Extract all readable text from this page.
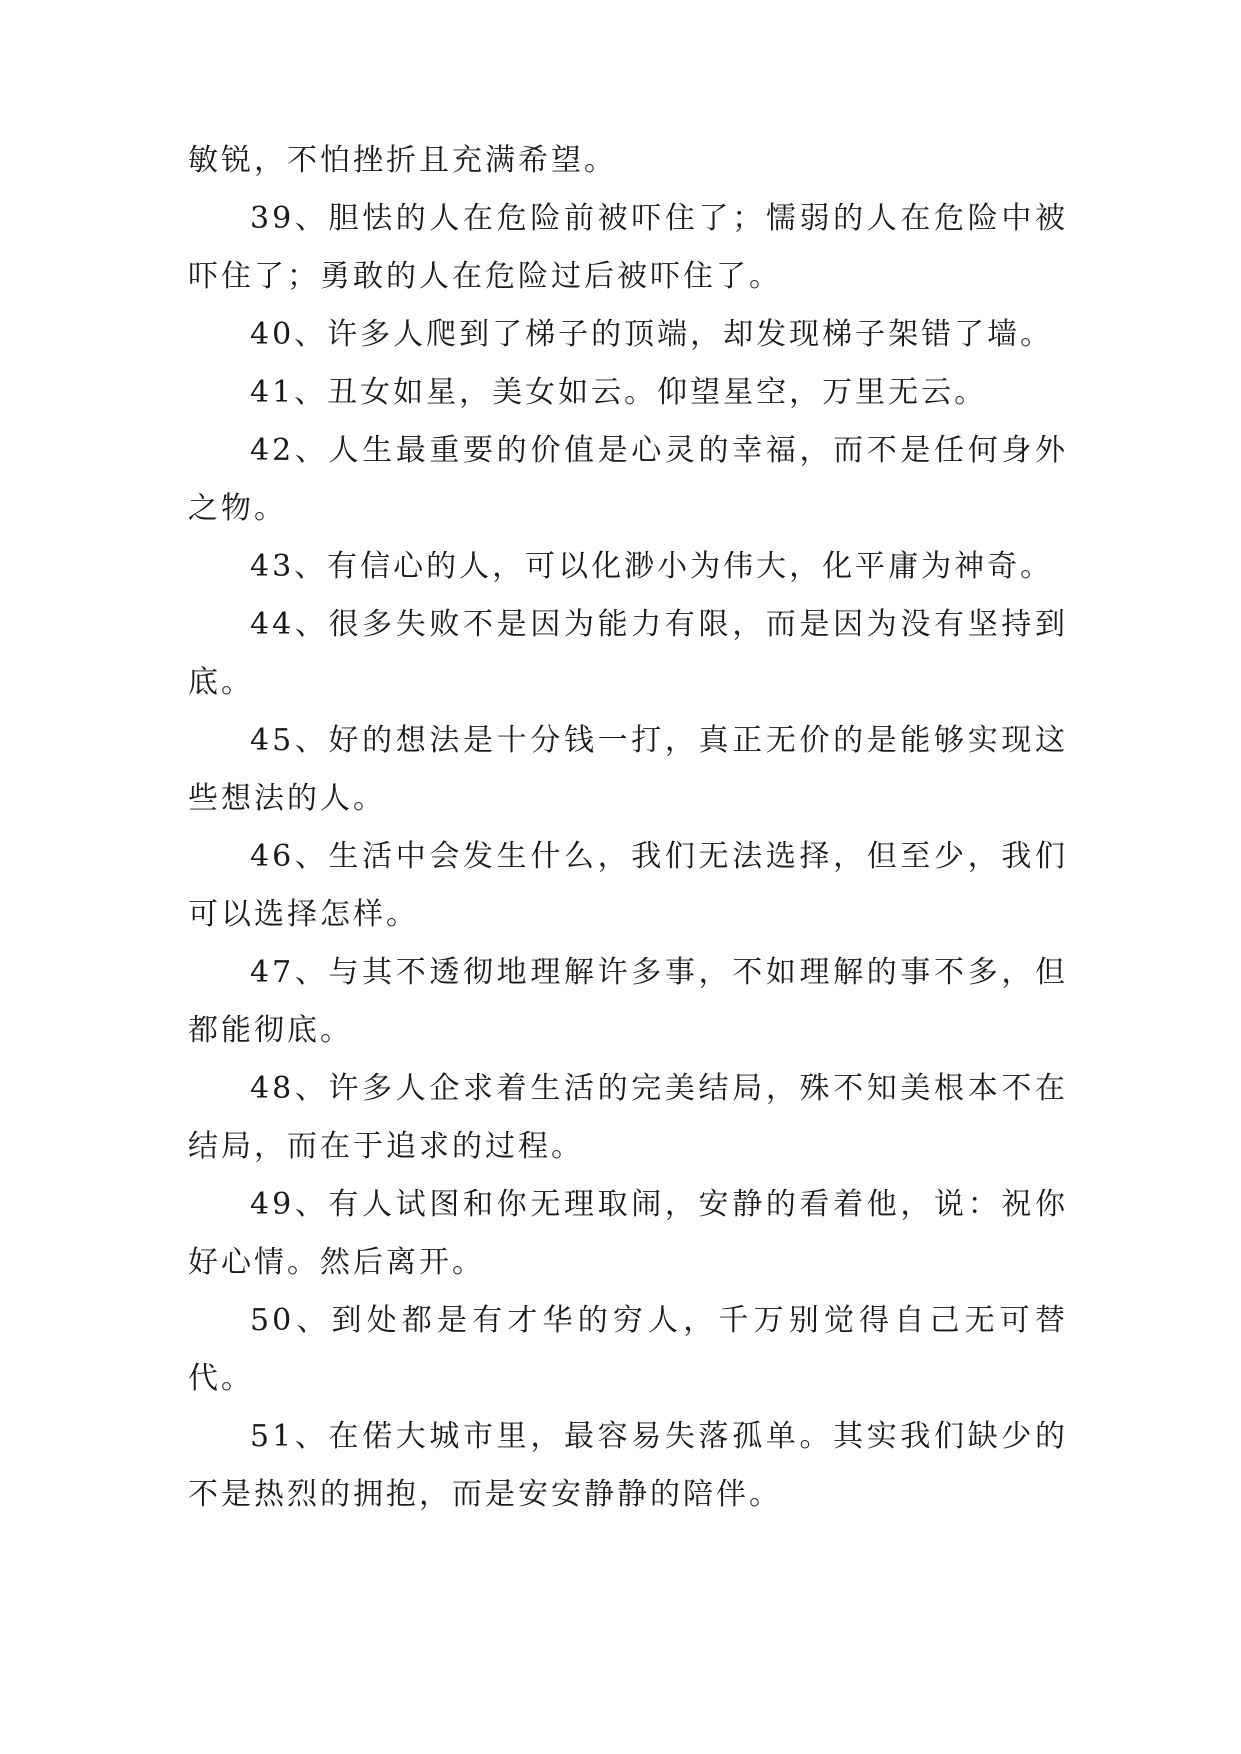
敏锐，不怕挫折且充满希望。

39、胆怯的人在危险前被吓住了；懦弱的人在危险中被吓住了；勇敢的人在危险过后被吓住了。

40、许多人爬到了梯子的顶端，却发现梯子架错了墙。

41、丑女如星，美女如云。仰望星空，万里无云。

42、人生最重要的价值是心灵的幸福，而不是任何身外之物。

43、有信心的人，可以化渺小为伟大，化平庸为神奇。

44、很多失败不是因为能力有限，而是因为没有坚持到底。

45、好的想法是十分钱一打，真正无价的是能够实现这些想法的人。

46、生活中会发生什么，我们无法选择，但至少，我们可以选择怎样。

47、与其不透彻地理解许多事，不如理解的事不多，但都能彻底。

48、许多人企求着生活的完美结局，殊不知美根本不在结局，而在于追求的过程。

49、有人试图和你无理取闹，安静的看着他，说：祝你好心情。然后离开。

50、到处都是有才华的穷人，千万别觉得自己无可替代。

51、在偌大城市里，最容易失落孤单。其实我们缺少的不是热烈的拥抱，而是安安静静的陪伴。
